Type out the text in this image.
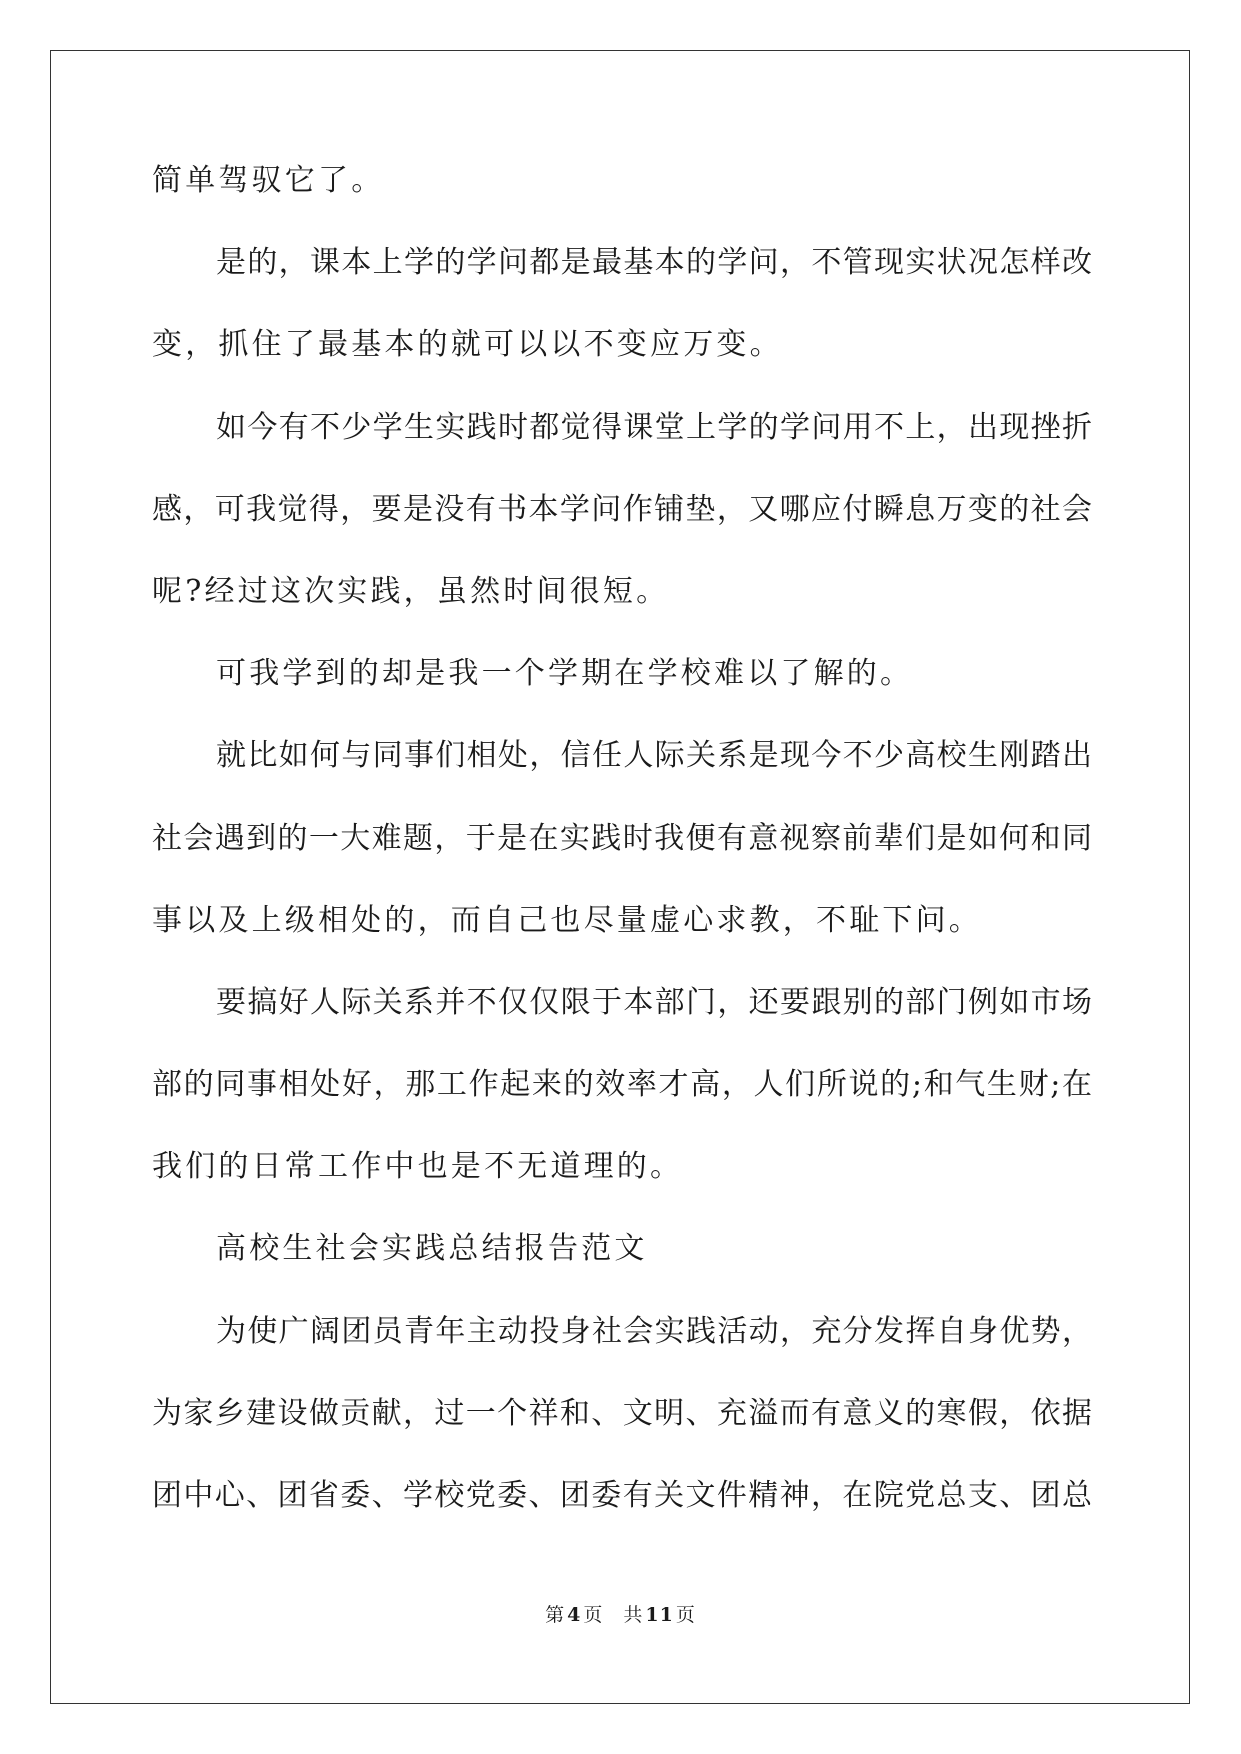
简单驾驭它了。
是的，课本上学的学问都是最基本的学问，不管现实状况怎样改
变，抓住了最基本的就可以以不变应万变。
如今有不少学生实践时都觉得课堂上学的学问用不上，出现挫折
感，可我觉得，要是没有书本学问作铺垫，又哪应付瞬息万变的社会
呢?经过这次实践，虽然时间很短。
可我学到的却是我一个学期在学校难以了解的。
就比如何与同事们相处，信任人际关系是现今不少高校生刚踏出
社会遇到的一大难题，于是在实践时我便有意视察前辈们是如何和同
事以及上级相处的，而自己也尽量虚心求教，不耻下问。
要搞好人际关系并不仅仅限于本部门，还要跟别的部门例如市场
部的同事相处好，那工作起来的效率才高，人们所说的;和气生财;在
我们的日常工作中也是不无道理的。
高校生社会实践总结报告范文
为使广阔团员青年主动投身社会实践活动，充分发挥自身优势，
为家乡建设做贡献，过一个祥和、文明、充溢而有意义的寒假，依据
团中心、团省委、学校党委、团委有关文件精神，在院党总支、团总
第 4 页 共 11 页
